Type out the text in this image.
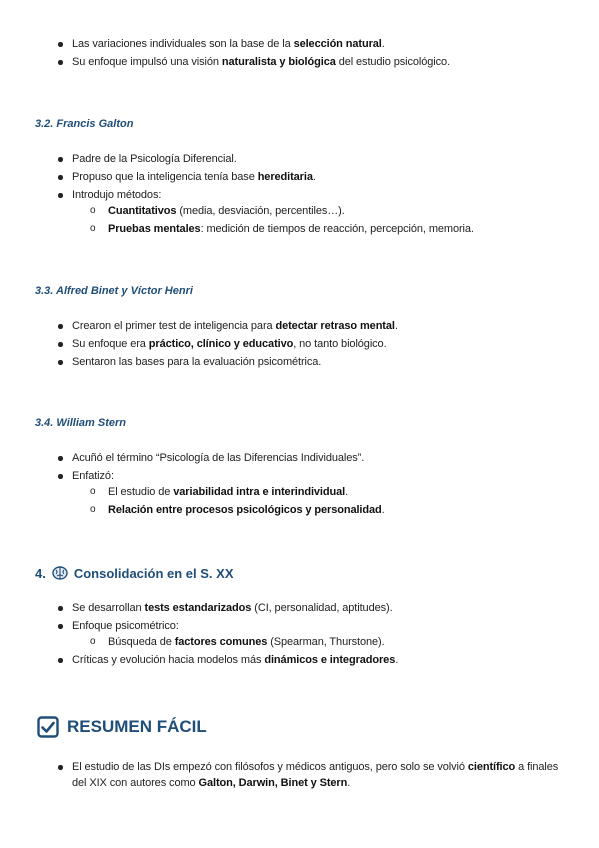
Las variaciones individuales son la base de la selección natural.
Su enfoque impulsó una visión naturalista y biológica del estudio psicológico.
3.2. Francis Galton
Padre de la Psicología Diferencial.
Propuso que la inteligencia tenía base hereditaria.
Introdujo métodos:
o Cuantitativos (media, desviación, percentiles…).
o Pruebas mentales: medición de tiempos de reacción, percepción, memoria.
3.3. Alfred Binet y Víctor Henri
Crearon el primer test de inteligencia para detectar retraso mental.
Su enfoque era práctico, clínico y educativo, no tanto biológico.
Sentaron las bases para la evaluación psicométrica.
3.4. William Stern
Acuñó el término “Psicología de las Diferencias Individuales”.
Enfatizó:
o El estudio de variabilidad intra e interindividual.
o Relación entre procesos psicológicos y personalidad.
4. Consolidación en el S. XX
Se desarrollan tests estandarizados (CI, personalidad, aptitudes).
Enfoque psicométrico:
o Búsqueda de factores comunes (Spearman, Thurstone).
Críticas y evolución hacia modelos más dinámicos e integradores.
RESUMEN FÁCIL
El estudio de las DIs empezó con filósofos y médicos antiguos, pero solo se volvió científico a finales del XIX con autores como Galton, Darwin, Binet y Stern.
